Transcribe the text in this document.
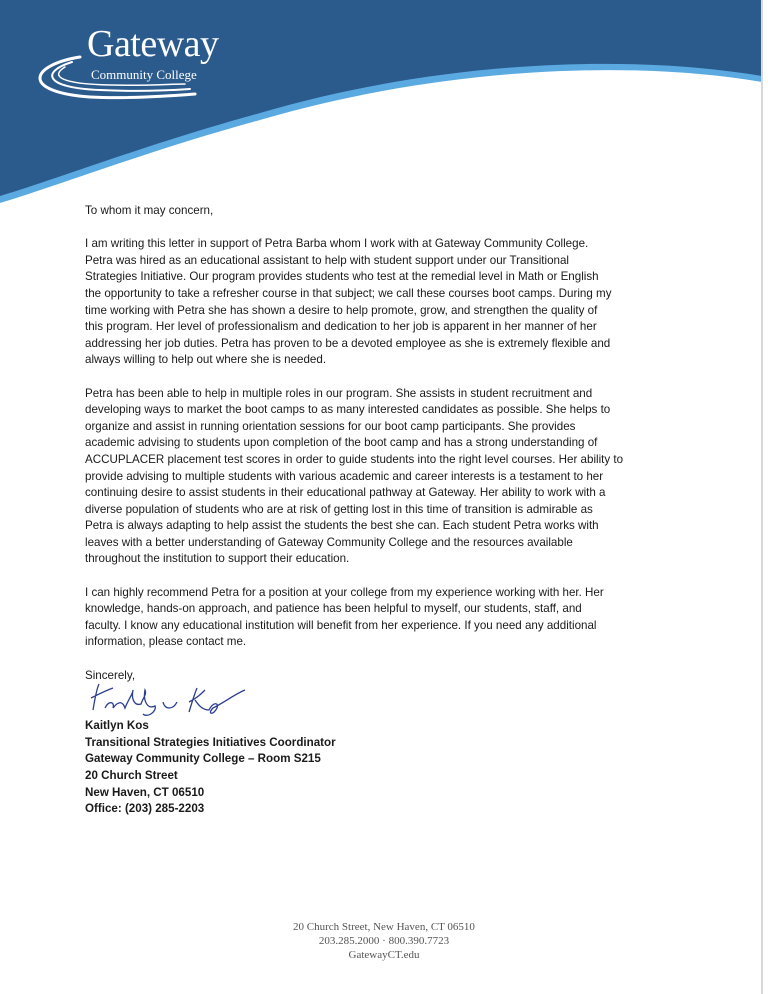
Gateway
Community College

To whom it may concern,

I am writing this letter in support of Petra Barba whom I work with at Gateway Community College.
Petra was hired as an educational assistant to help with student support under our Transitional
Strategies Initiative. Our program provides students who test at the remedial level in Math or English
the opportunity to take a refresher course in that subject; we call these courses boot camps. During my
time working with Petra she has shown a desire to help promote, grow, and strengthen the quality of
this program. Her level of professionalism and dedication to her job is apparent in her manner of her
addressing her job duties. Petra has proven to be a devoted employee as she is extremely flexible and
always willing to help out where she is needed.

Petra has been able to help in multiple roles in our program. She assists in student recruitment and
developing ways to market the boot camps to as many interested candidates as possible. She helps to
organize and assist in running orientation sessions for our boot camp participants. She provides
academic advising to students upon completion of the boot camp and has a strong understanding of
ACCUPLACER placement test scores in order to guide students into the right level courses. Her ability to
provide advising to multiple students with various academic and career interests is a testament to her
continuing desire to assist students in their educational pathway at Gateway. Her ability to work with a
diverse population of students who are at risk of getting lost in this time of transition is admirable as
Petra is always adapting to help assist the students the best she can. Each student Petra works with
leaves with a better understanding of Gateway Community College and the resources available
throughout the institution to support their education.

I can highly recommend Petra for a position at your college from my experience working with her. Her
knowledge, hands-on approach, and patience has been helpful to myself, our students, staff, and
faculty. I know any educational institution will benefit from her experience. If you need any additional
information, please contact me.

Sincerely,

Kaitlyn Kos
Transitional Strategies Initiatives Coordinator
Gateway Community College – Room S215
20 Church Street
New Haven, CT 06510
Office: (203) 285-2203
20 Church Street, New Haven, CT 06510
203.285.2000 · 800.390.7723
GatewayCT.edu
